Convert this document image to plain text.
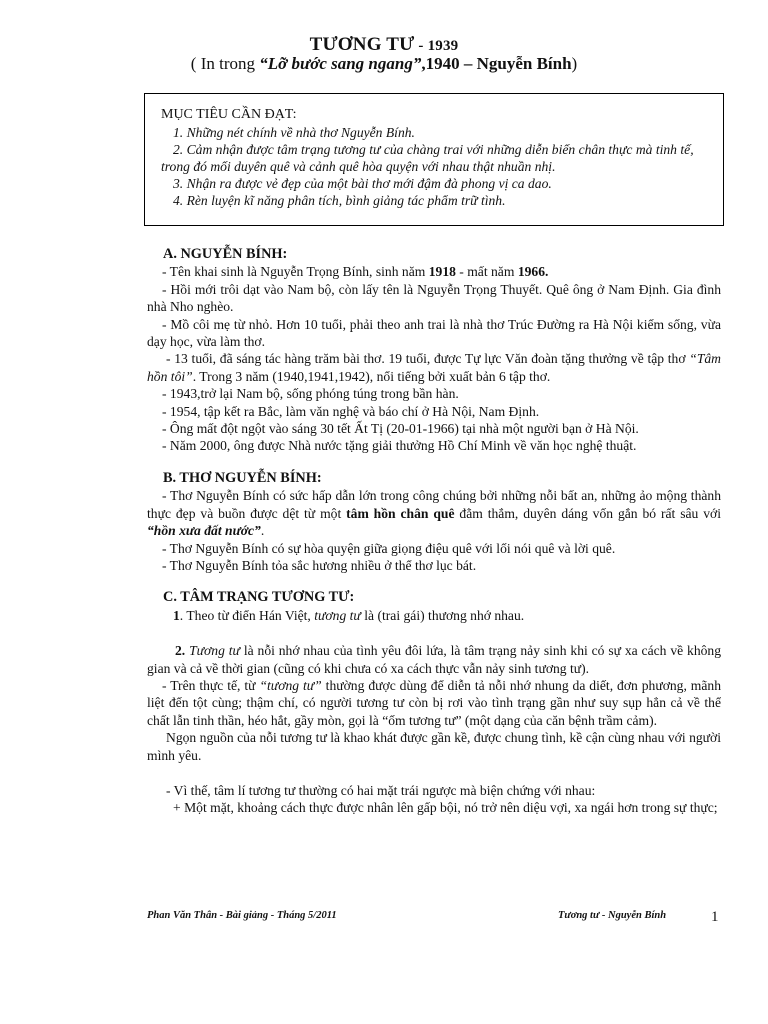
TƯƠNG TƯ - 1939
( In trong “Lỡ bước sang ngang”,1940 – Nguyễn Bính)
MỤC TIÊU CẦN ĐẠT:
1. Những nét chính về nhà thơ Nguyễn Bính.
2. Cảm nhận được tâm trạng tương tư của chàng trai với những diễn biến chân thực mà tinh tế, trong đó mối duyên quê và cảnh quê hòa quyện với nhau thật nhuần nhị.
3. Nhận ra được vẻ đẹp của một bài thơ mới đậm đà phong vị ca dao.
4. Rèn luyện kĩ năng phân tích, bình giảng tác phẩm trữ tình.
A. NGUYỄN BÍNH:

- Tên khai sinh là Nguyễn Trọng Bính, sinh năm 1918 - mất năm 1966.

- Hồi mới trôi dạt vào Nam bộ, còn lấy tên là Nguyễn Trọng Thuyết. Quê ông ở Nam Định. Gia đình nhà Nho nghèo.

- Mồ côi mẹ từ nhỏ. Hơn 10 tuổi, phải theo anh trai là nhà thơ Trúc Đường ra Hà Nội kiếm sống, vừa dạy học, vừa làm thơ.

- 13 tuổi, đã sáng tác hàng trăm bài thơ. 19 tuổi, được Tự lực Văn đoàn tặng thưởng về tập thơ “Tâm hồn tôi”. Trong 3 năm (1940,1941,1942), nổi tiếng bởi xuất bản 6 tập thơ.

- 1943,trở lại Nam bộ, sống phóng túng trong bần hàn.

- 1954, tập kết ra Bắc, làm văn nghệ và báo chí ở Hà Nội, Nam Định.

- Ông mất đột ngột vào sáng 30 tết Ất Tị (20-01-1966) tại nhà một người bạn ở Hà Nội.

- Năm 2000, ông được Nhà nước tặng giải thưởng Hồ Chí Minh về văn học nghệ thuật.

B. THƠ NGUYỄN BÍNH:

- Thơ Nguyễn Bính có sức hấp dẫn lớn trong công chúng bởi những nỗi bất an, những ảo mộng thành thực đẹp và buồn được dệt từ một tâm hồn chân quê đằm thắm, duyên dáng vốn gắn bó rất sâu với “hồn xưa đất nước”.

- Thơ Nguyễn Bính có sự hòa quyện giữa giọng điệu quê với lối nói quê và lời quê.

- Thơ Nguyễn Bính tỏa sắc hương nhiều ở thể thơ lục bát.

C. TÂM TRẠNG TƯƠNG TƯ:

1. Theo từ điển Hán Việt, tương tư là (trai gái) thương nhớ nhau.

2. Tương tư là nỗi nhớ nhau của tình yêu đôi lứa, là tâm trạng nảy sinh khi có sự xa cách về không gian và cả về thời gian (cũng có khi chưa có xa cách thực vẫn nảy sinh tương tư).

- Trên thực tế, từ “tương tư” thường được dùng để diễn tả nỗi nhớ nhung da diết, đơn phương, mãnh liệt đến tột cùng; thậm chí, có người tương tư còn bị rơi vào tình trạng gần như suy sụp hẳn cả về thể chất lẫn tinh thần, héo hắt, gầy mòn, gọi là “ốm tương tư” (một dạng của căn bệnh trầm cảm).

Ngọn nguồn của nỗi tương tư là khao khát được gần kề, được chung tình, kề cận cùng nhau với người mình yêu.

- Vì thế, tâm lí tương tư thường có hai mặt trái ngược mà biện chứng với nhau:

+ Một mặt, khoảng cách thực được nhân lên gấp bội, nó trở nên diệu vợi, xa ngái hơn trong sự thực;

Phan Văn Thân - Bài giảng - Tháng 5/2011	Tương tư - Nguyễn Bính	1
